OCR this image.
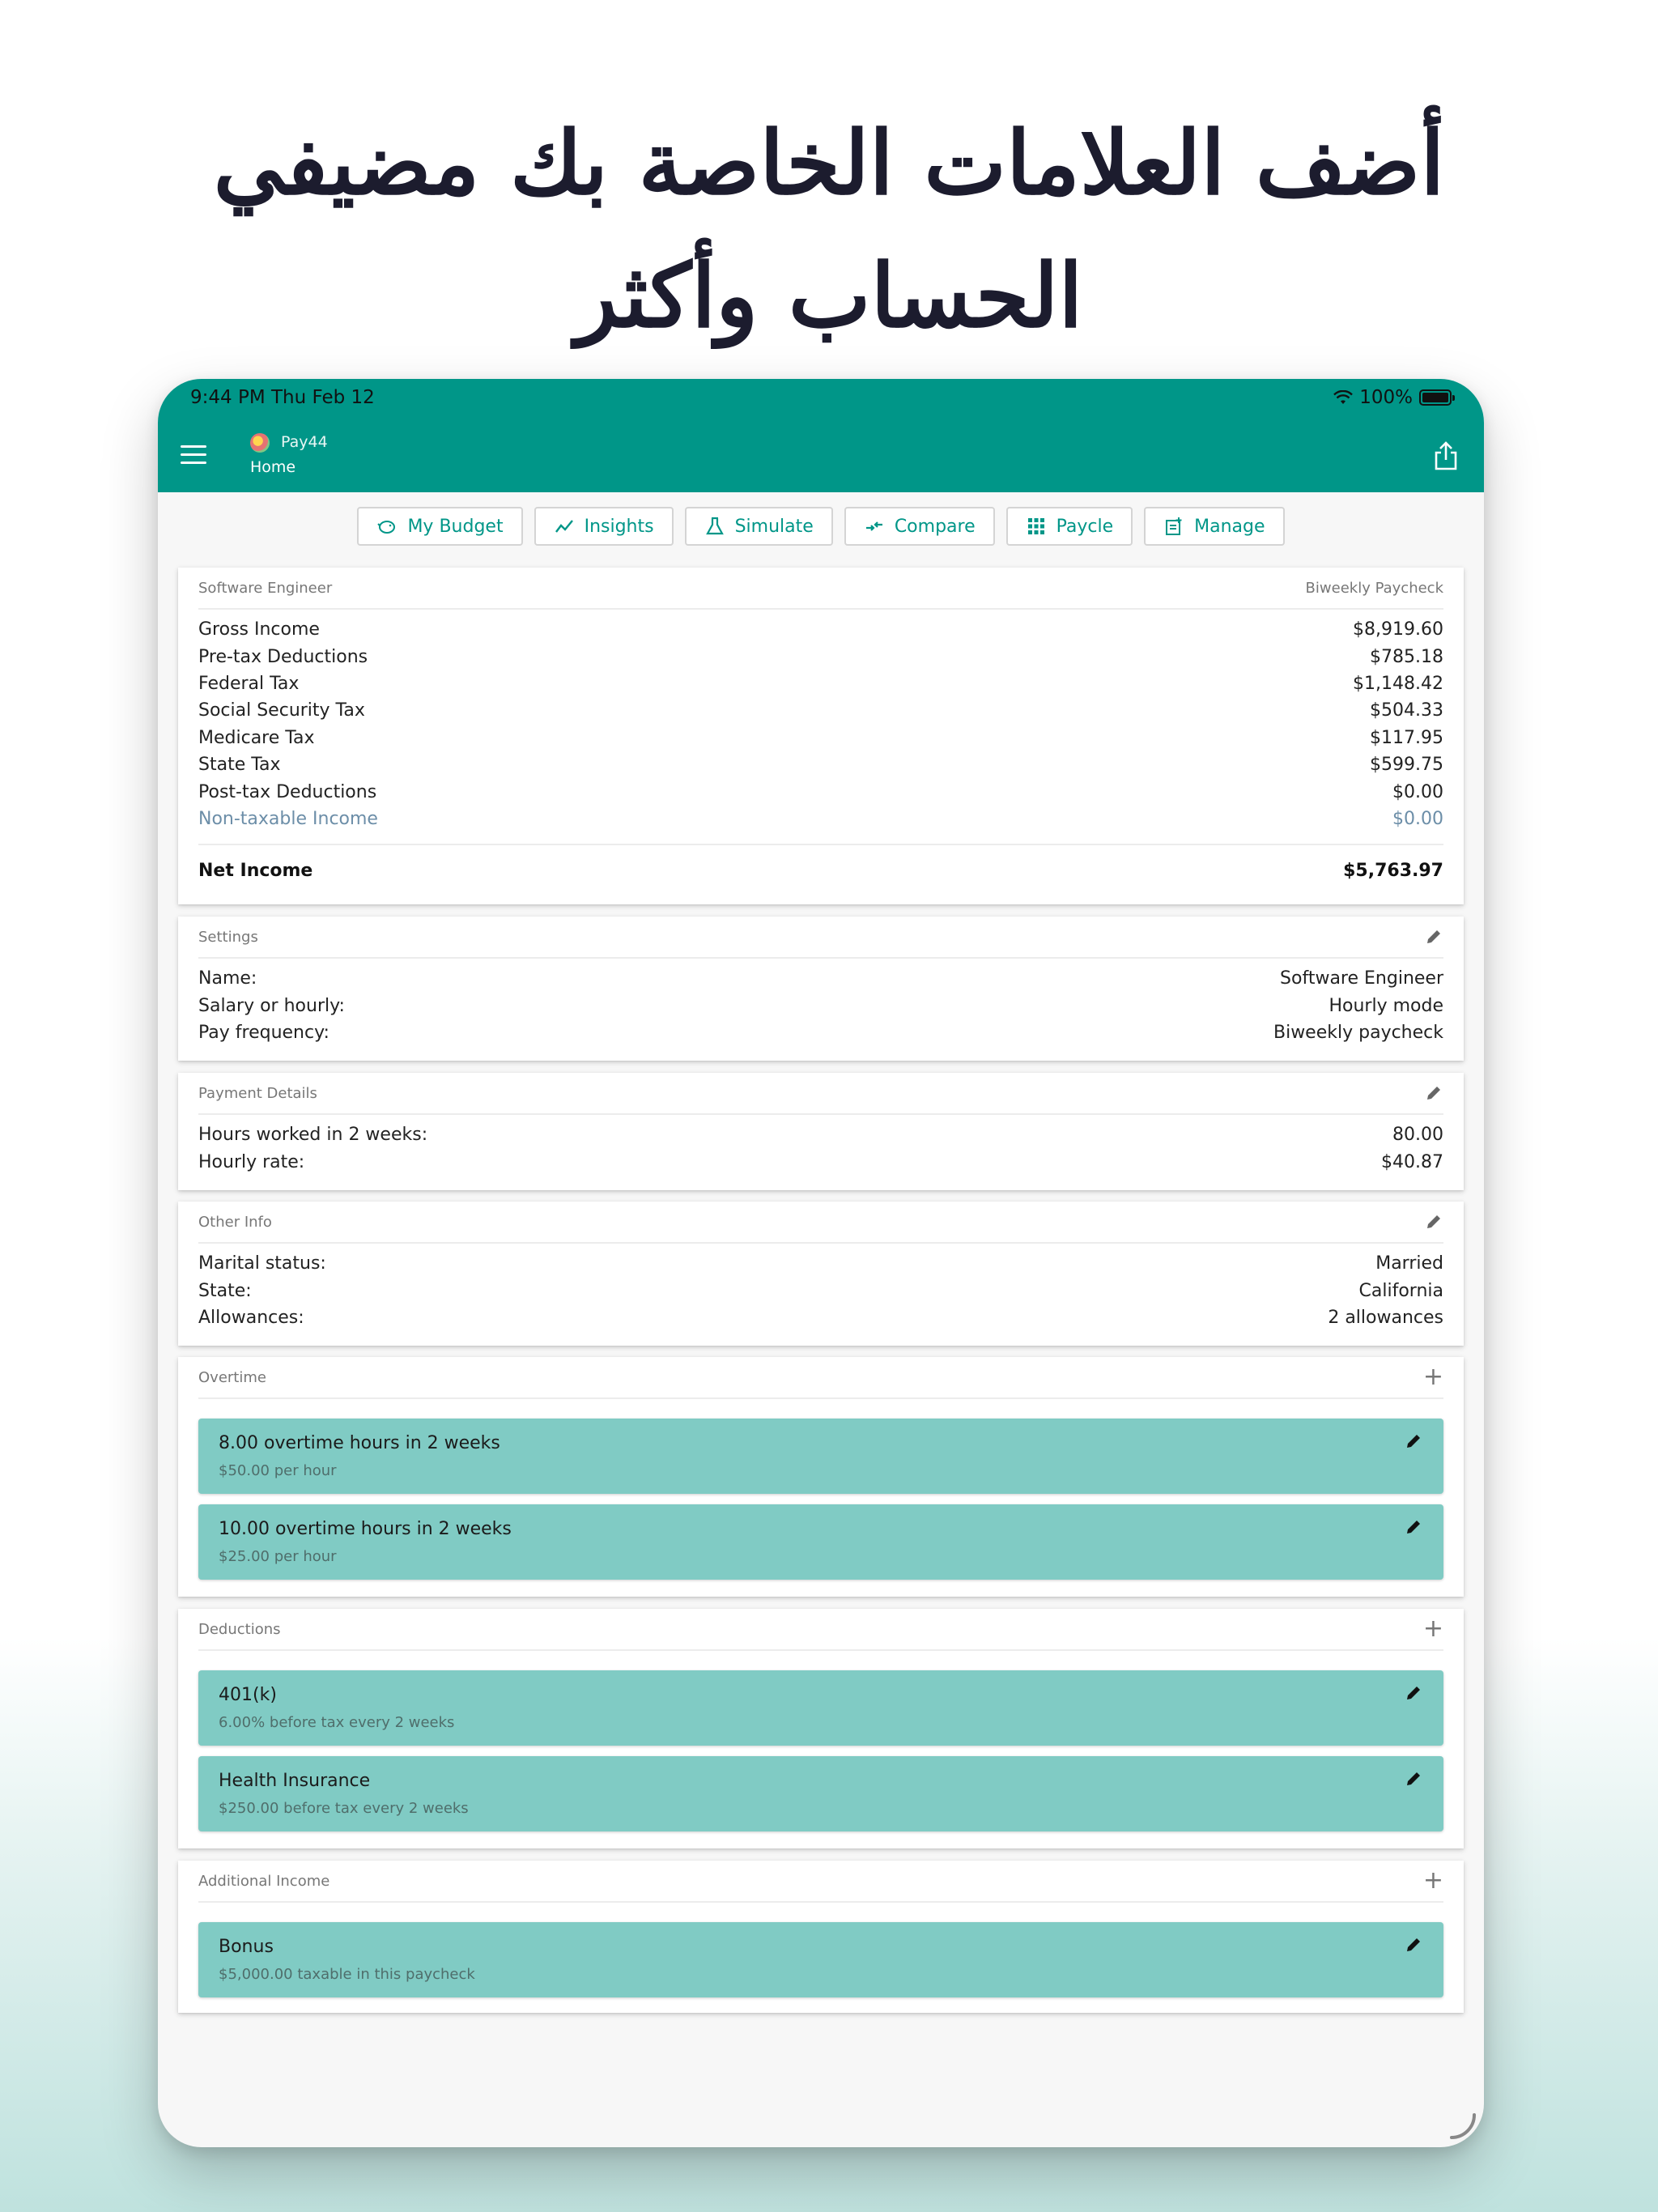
أضف العلامات الخاصة بك مضيفي الحساب وأكثر
9:44 PM Thu Feb 12	100%
Pay44
Home
My Budget	Insights	Simulate	Compare	Paycle	Manage
Software Engineer	Biweekly Paycheck
Gross Income	$8,919.60
Pre-tax Deductions	$785.18
Federal Tax	$1,148.42
Social Security Tax	$504.33
Medicare Tax	$117.95
State Tax	$599.75
Post-tax Deductions	$0.00
Non-taxable Income	$0.00
Net Income	$5,763.97
Settings
Name:	Software Engineer
Salary or hourly:	Hourly mode
Pay frequency:	Biweekly paycheck
Payment Details
Hours worked in 2 weeks:	80.00
Hourly rate:	$40.87
Other Info
Marital status:	Married
State:	California
Allowances:	2 allowances
Overtime	+
8.00 overtime hours in 2 weeks
$50.00 per hour
10.00 overtime hours in 2 weeks
$25.00 per hour
Deductions	+
401(k)
6.00% before tax every 2 weeks
Health Insurance
$250.00 before tax every 2 weeks
Additional Income	+
Bonus
$5,000.00 taxable in this paycheck
